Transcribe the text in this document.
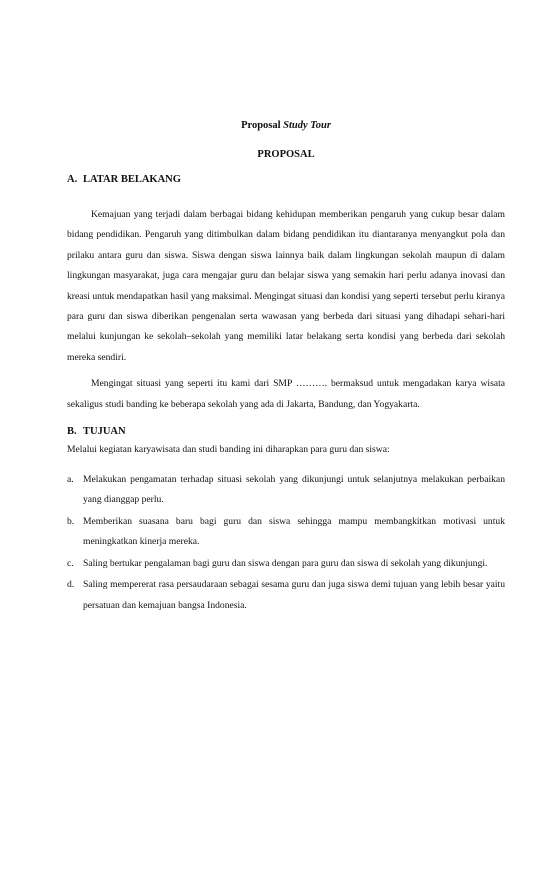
Proposal Study Tour
PROPOSAL
A. LATAR BELAKANG

Kemajuan yang terjadi dalam berbagai bidang kehidupan memberikan pengaruh yang cukup besar dalam bidang pendidikan. Pengaruh yang ditimbulkan dalam bidang pendidikan itu diantaranya menyangkut pola dan prilaku antara guru dan siswa. Siswa dengan siswa lainnya baik dalam lingkungan sekolah maupun di dalam lingkungan masyarakat, juga cara mengajar guru dan belajar siswa yang semakin hari perlu adanya inovasi dan kreasi untuk mendapatkan hasil yang maksimal. Mengingat situasi dan kondisi yang seperti tersebut perlu kiranya para guru dan siswa diberikan pengenalan serta wawasan yang berbeda dari situasi yang dihadapi sehari-hari melalui kunjungan ke sekolah–sekolah yang memiliki latar belakang serta kondisi yang berbeda dari sekolah mereka sendiri.

Mengingat situasi yang seperti itu kami dari SMP ………. bermaksud untuk mengadakan karya wisata sekaligus studi banding ke beberapa sekolah yang ada di Jakarta, Bandung, dan Yogyakarta.

B. TUJUAN

Melalui kegiatan karyawisata dan studi banding ini diharapkan para guru dan siswa:

a. Melakukan pengamatan terhadap situasi sekolah yang dikunjungi untuk selanjutnya melakukan perbaikan yang dianggap perlu.
b. Memberikan suasana baru bagi guru dan siswa sehingga mampu membangkitkan motivasi untuk meningkatkan kinerja mereka.
c. Saling bertukar pengalaman bagi guru dan siswa dengan para guru dan siswa di sekolah yang dikunjungi.
d. Saling mempererat rasa persaudaraan sebagai sesama guru dan juga siswa demi tujuan yang lebih besar yaitu persatuan dan kemajuan bangsa Indonesia.
